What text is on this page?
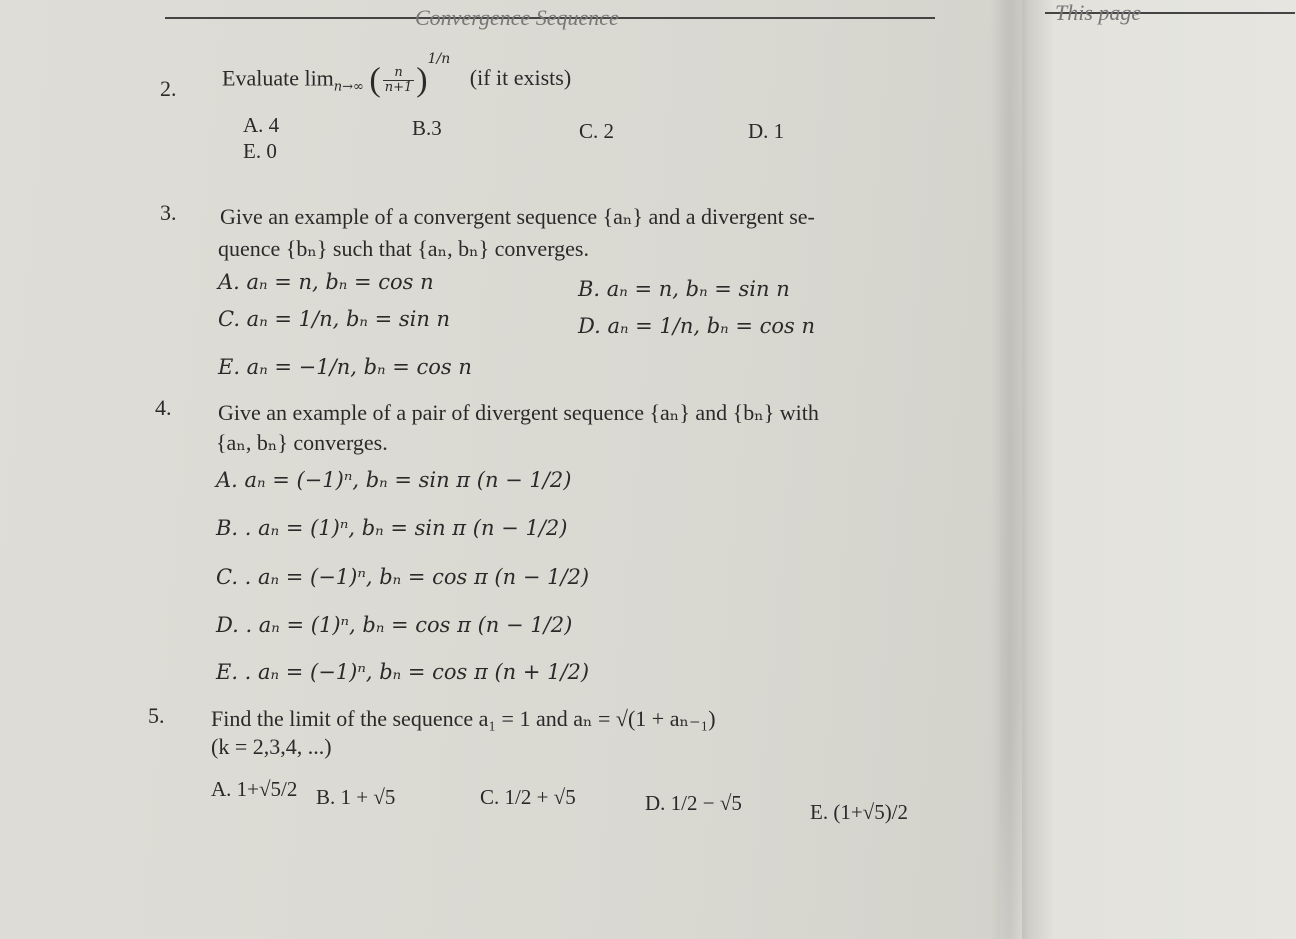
Convergence Sequence	This page
2. Evaluate $\lim_{n\to\infty}$ ( $\frac{n}{n+1} )^{1/n}$ (if it exists)
A. 4	B.3	C. 2	D. 1
E. 0
3. Give an example of a convergent sequence {aₙ} and a divergent se-
quence {bₙ} such that {aₙ, bₙ} converges.
A. aₙ = n, bₙ = cos n	B. aₙ = n, bₙ = sin n
C. aₙ = 1/n, bₙ = sin n	D. aₙ = 1/n, bₙ = cos n
E. aₙ = −1/n, bₙ = cos n
4. Give an example of a pair of divergent sequence {aₙ} and {bₙ} with
{aₙ, bₙ} converges.
A. aₙ = (−1)ⁿ, bₙ = sin π (n − 1/2)
B. . aₙ = (1)ⁿ, bₙ = sin π (n − 1/2)
C. . aₙ = (−1)ⁿ, bₙ = cos π (n − 1/2)
D. . aₙ = (1)ⁿ, bₙ = cos π (n − 1/2)
E. . aₙ = (−1)ⁿ, bₙ = cos π (n + 1/2)
5. Find the limit of the sequence a₁ = 1 and aₙ = √(1 + aₙ₋₁)
(k = 2,3,4, ...)
A. 1+√5/2 B. 1 + √5	C. 1/2 + √5	D. 1/2 − √5	E. (1+√5)/2
